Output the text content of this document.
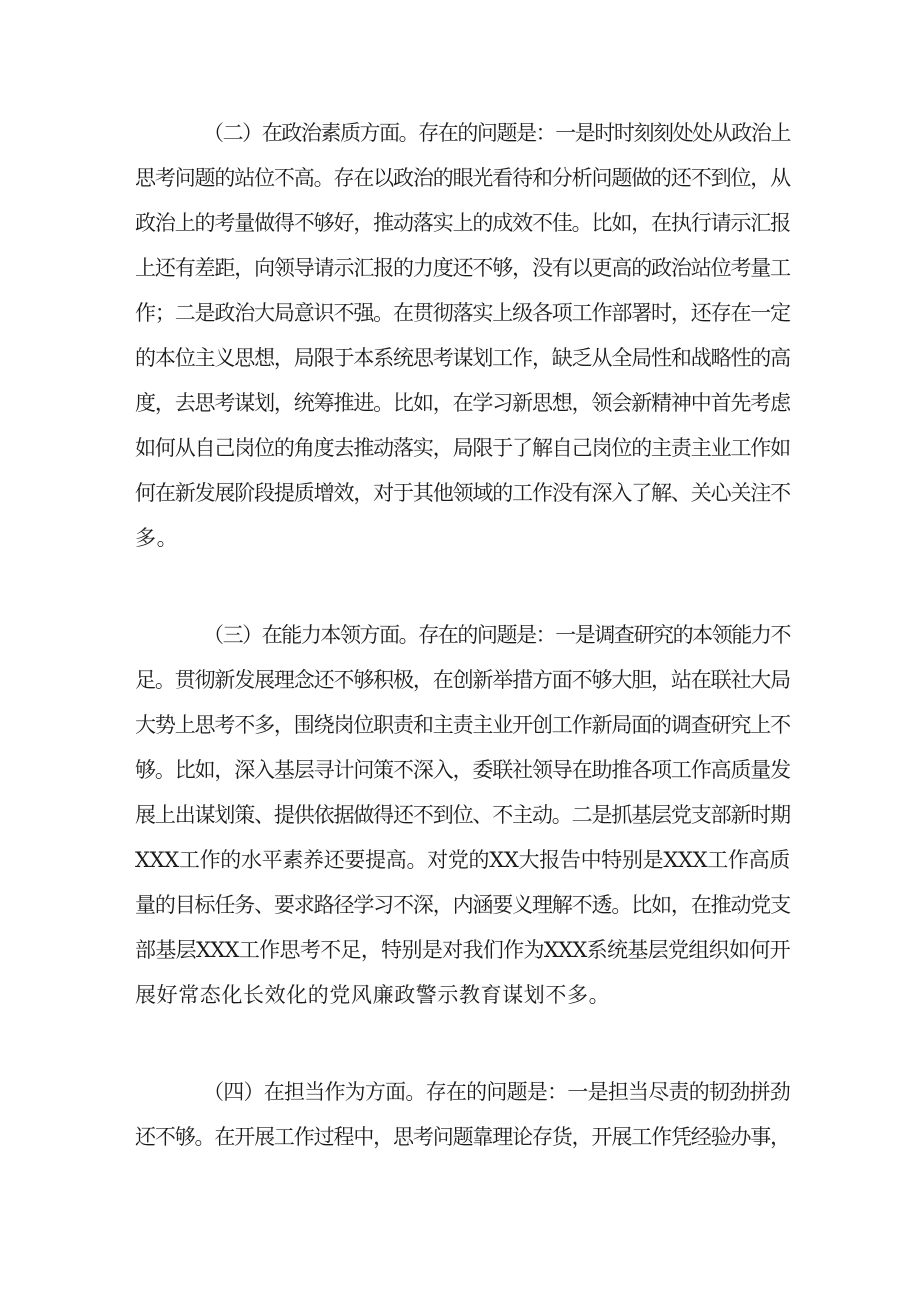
（二）在政治素质方面。存在的问题是：一是时时刻刻处处从政治上
思考问题的站位不高。存在以政治的眼光看待和分析问题做的还不到位，从
政治上的考量做得不够好，推动落实上的成效不佳。比如，在执行请示汇报
上还有差距，向领导请示汇报的力度还不够，没有以更高的政治站位考量工
作；二是政治大局意识不强。在贯彻落实上级各项工作部署时，还存在一定
的本位主义思想，局限于本系统思考谋划工作，缺乏从全局性和战略性的高
度，去思考谋划，统筹推进。比如，在学习新思想，领会新精神中首先考虑
如何从自己岗位的角度去推动落实，局限于了解自己岗位的主责主业工作如
何在新发展阶段提质增效，对于其他领域的工作没有深入了解、关心关注不
多。
（三）在能力本领方面。存在的问题是：一是调查研究的本领能力不
足。贯彻新发展理念还不够积极，在创新举措方面不够大胆，站在联社大局
大势上思考不多，围绕岗位职责和主责主业开创工作新局面的调查研究上不
够。比如，深入基层寻计问策不深入，委联社领导在助推各项工作高质量发
展上出谋划策、提供依据做得还不到位、不主动。二是抓基层党支部新时期
XXX工作的水平素养还要提高。对党的XX大报告中特别是XXX工作高质
量的目标任务、要求路径学习不深，内涵要义理解不透。比如，在推动党支
部基层XXX工作思考不足，特别是对我们作为XXX系统基层党组织如何开
展好常态化长效化的党风廉政警示教育谋划不多。
（四）在担当作为方面。存在的问题是：一是担当尽责的韧劲拼劲
还不够。在开展工作过程中，思考问题靠理论存货，开展工作凭经验办事，
